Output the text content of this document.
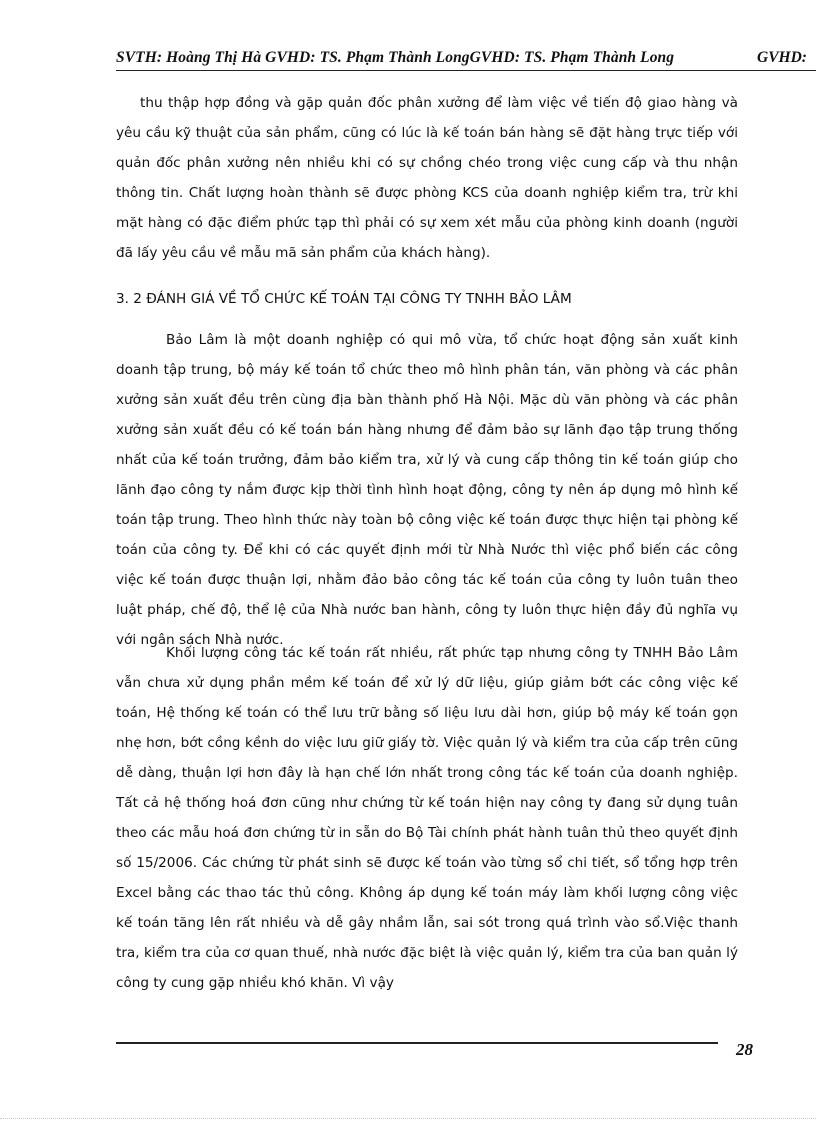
SVTH: Hoàng Thị Hà GVHD: TS. Phạm Thành LongGVHD: TS. Phạm Thành Long	GVHD:
thu thập hợp đồng và gặp quản đốc phân xưởng để làm việc về tiến độ giao hàng và yêu cầu kỹ thuật của sản phẩm, cũng có lúc là kế toán bán hàng sẽ đặt hàng trực tiếp với quản đốc phân xưởng nên nhiều khi có sự chồng chéo trong việc cung cấp và thu nhận thông tin. Chất lượng hoàn thành sẽ được phòng KCS của doanh nghiệp kiểm tra, trừ khi mặt hàng có đặc điểm phức tạp thì phải có sự xem xét mẫu của phòng kinh doanh (người đã lấy yêu cầu về mẫu mã sản phẩm của khách hàng).
3. 2 ĐÁNH GIÁ VỀ TỔ CHỨC KẾ TOÁN TẠI CÔNG TY TNHH BẢO LÂM
Bảo Lâm là một doanh nghiệp có qui mô vừa, tổ chức hoạt động sản xuất kinh doanh tập trung, bộ máy kế toán tổ chức theo mô hình phân tán, văn phòng và các phân xưởng sản xuất đều trên cùng địa bàn thành phố Hà Nội. Mặc dù văn phòng và các phân xưởng sản xuất đều có kế toán bán hàng nhưng để đảm bảo sự lãnh đạo tập trung thống nhất của kế toán trưởng, đảm bảo kiểm tra, xử lý và cung cấp thông tin kế toán giúp cho lãnh đạo công ty nắm được kịp thời tình hình hoạt động, công ty nên áp dụng mô hình kế toán tập trung. Theo hình thức này toàn bộ công việc kế toán được thực hiện tại phòng kế toán của công ty. Để khi có các quyết định mới từ Nhà Nước thì việc phổ biến các công việc kế toán được thuận lợi, nhằm đảo bảo công tác kế toán của công ty luôn tuân theo luật pháp, chế độ, thể lệ của Nhà nước ban hành, công ty luôn thực hiện đầy đủ nghĩa vụ với ngân sách Nhà nước.
Khối lượng công tác kế toán rất nhiều, rất phức tạp nhưng công ty TNHH Bảo Lâm vẫn chưa xử dụng phần mềm kế toán để xử lý dữ liệu, giúp giảm bớt các công việc kế toán, Hệ thống kế toán có thể lưu trữ bằng số liệu lưu dài hơn, giúp bộ máy kế toán gọn nhẹ hơn, bớt cồng kềnh do việc lưu giữ giấy tờ. Việc quản lý và kiểm tra của cấp trên cũng dễ dàng, thuận lợi hơn đây là hạn chế lớn nhất trong công tác kế toán của doanh nghiệp. Tất cả hệ thống hoá đơn cũng như chứng từ kế toán hiện nay công ty đang sử dụng tuân theo các mẫu hoá đơn chứng từ in sẵn do Bộ Tài chính phát hành tuân thủ theo quyết định số 15/2006. Các chứng từ phát sinh sẽ được kế toán vào từng sổ chi tiết, sổ tổng hợp trên Excel bằng các thao tác thủ công. Không áp dụng kế toán máy làm khối lượng công việc kế toán tăng lên rất nhiều và dễ gây nhầm lẫn, sai sót trong quá trình vào sổ.Việc thanh tra, kiểm tra của cơ quan thuế, nhà nước đặc biệt là việc quản lý, kiểm tra của ban quản lý công ty cung gặp nhiều khó khăn. Vì vậy
28
